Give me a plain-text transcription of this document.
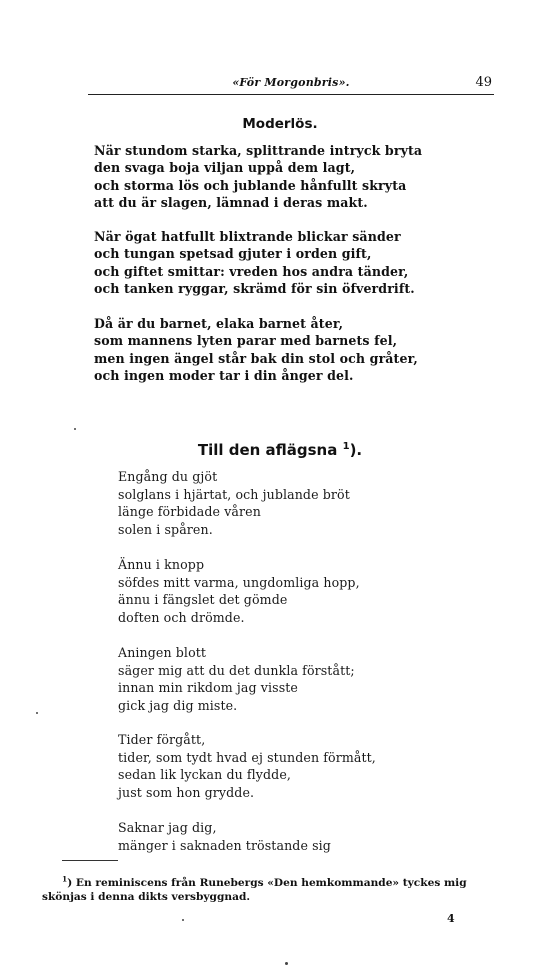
«För Morgonbris».	49
Moderlös.
När stundom starka, splittrande intryck bryta
den svaga boja viljan uppå dem lagt,
och storma lös och jublande hånfullt skryta
att du är slagen, lämnad i deras makt.
När ögat hatfullt blixtrande blickar sänder
och tungan spetsad gjuter i orden gift,
och giftet smittar: vreden hos andra tänder,
och tanken ryggar, skrämd för sin öfverdrift.
Då är du barnet, elaka barnet åter,
som mannens lyten parar med barnets fel,
men ingen ängel står bak din stol och gråter,
och ingen moder tar i din ånger del.
Till den aflägsna $^1$).
Engång du gjöt
solglans i hjärtat, och jublande bröt
länge förbidade våren
solen i spåren.
Ännu i knopp
söfdes mitt varma, ungdomliga hopp,
ännu i fängslet det gömde
doften och drömde.
Aningen blott
säger mig att du det dunkla förstått;
innan min rikdom jag visste
gick jag dig miste.
Tider förgått,
tider, som tydt hvad ej stunden förmått,
sedan lik lyckan du flydde,
just som hon grydde.
Saknar jag dig,
mänger i saknaden tröstande sig
$^1$) En reminiscens från Runebergs «Den hemkommande» tyckes mig skönjas i denna dikts versbyggnad.
4
